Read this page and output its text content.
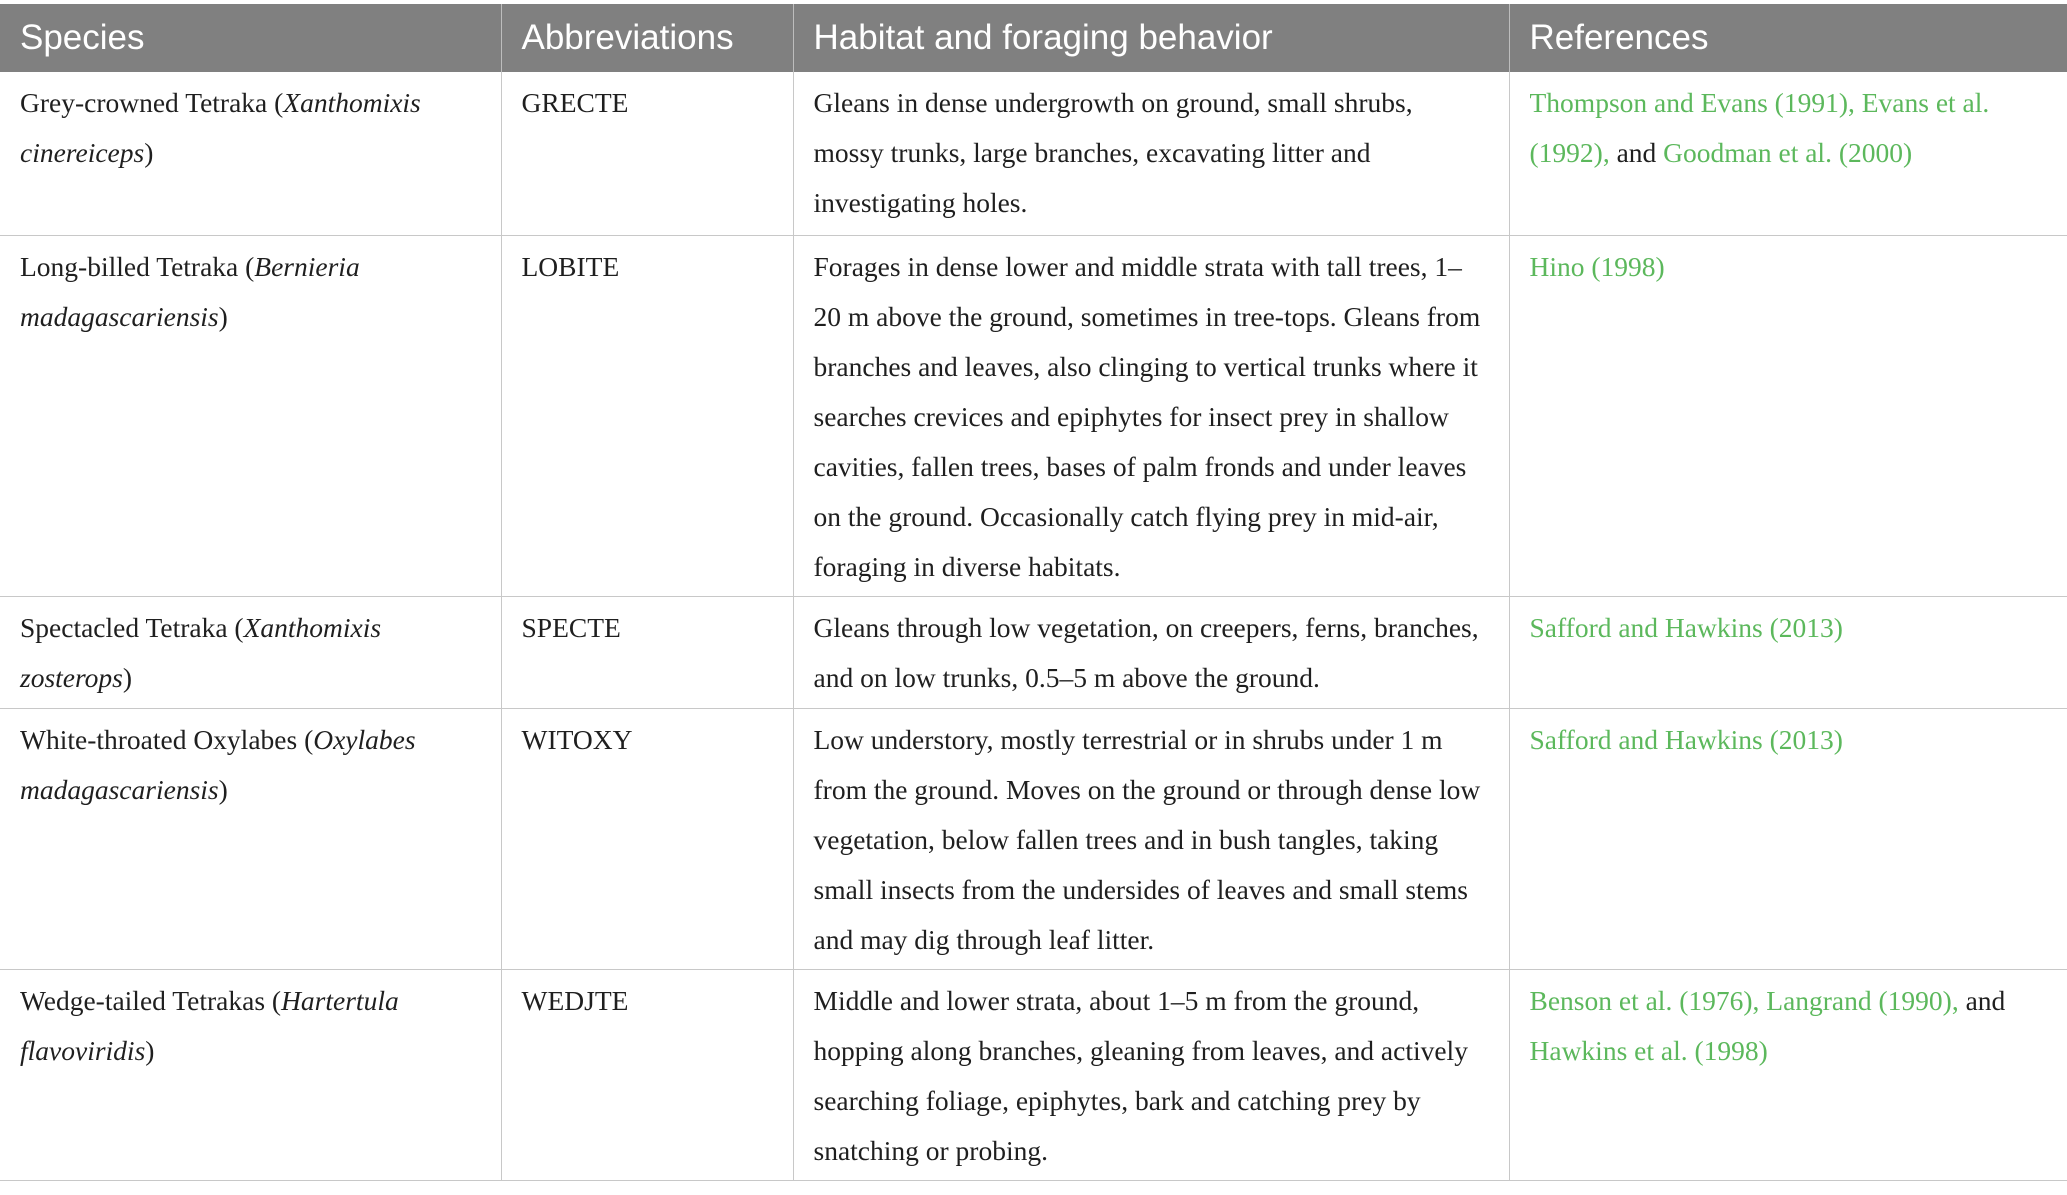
Species	Abbreviations	Habitat and foraging behavior	References
Grey-crowned Tetraka (Xanthomixis cinereiceps)	GRECTE	Gleans in dense undergrowth on ground, small shrubs, mossy trunks, large branches, excavating litter and investigating holes.	Thompson and Evans (1991), Evans et al. (1992), and Goodman et al. (2000)
Long-billed Tetraka (Bernieria madagascariensis)	LOBITE	Forages in dense lower and middle strata with tall trees, 1–20 m above the ground, sometimes in tree-tops. Gleans from branches and leaves, also clinging to vertical trunks where it searches crevices and epiphytes for insect prey in shallow cavities, fallen trees, bases of palm fronds and under leaves on the ground. Occasionally catch flying prey in mid-air, foraging in diverse habitats.	Hino (1998)
Spectacled Tetraka (Xanthomixis zosterops)	SPECTE	Gleans through low vegetation, on creepers, ferns, branches, and on low trunks, 0.5–5 m above the ground.	Safford and Hawkins (2013)
White-throated Oxylabes (Oxylabes madagascariensis)	WITOXY	Low understory, mostly terrestrial or in shrubs under 1 m from the ground. Moves on the ground or through dense low vegetation, below fallen trees and in bush tangles, taking small insects from the undersides of leaves and small stems and may dig through leaf litter.	Safford and Hawkins (2013)
Wedge-tailed Tetrakas (Hartertula flavoviridis)	WEDJTE	Middle and lower strata, about 1–5 m from the ground, hopping along branches, gleaning from leaves, and actively searching foliage, epiphytes, bark and catching prey by snatching or probing.	Benson et al. (1976), Langrand (1990), and Hawkins et al. (1998)
